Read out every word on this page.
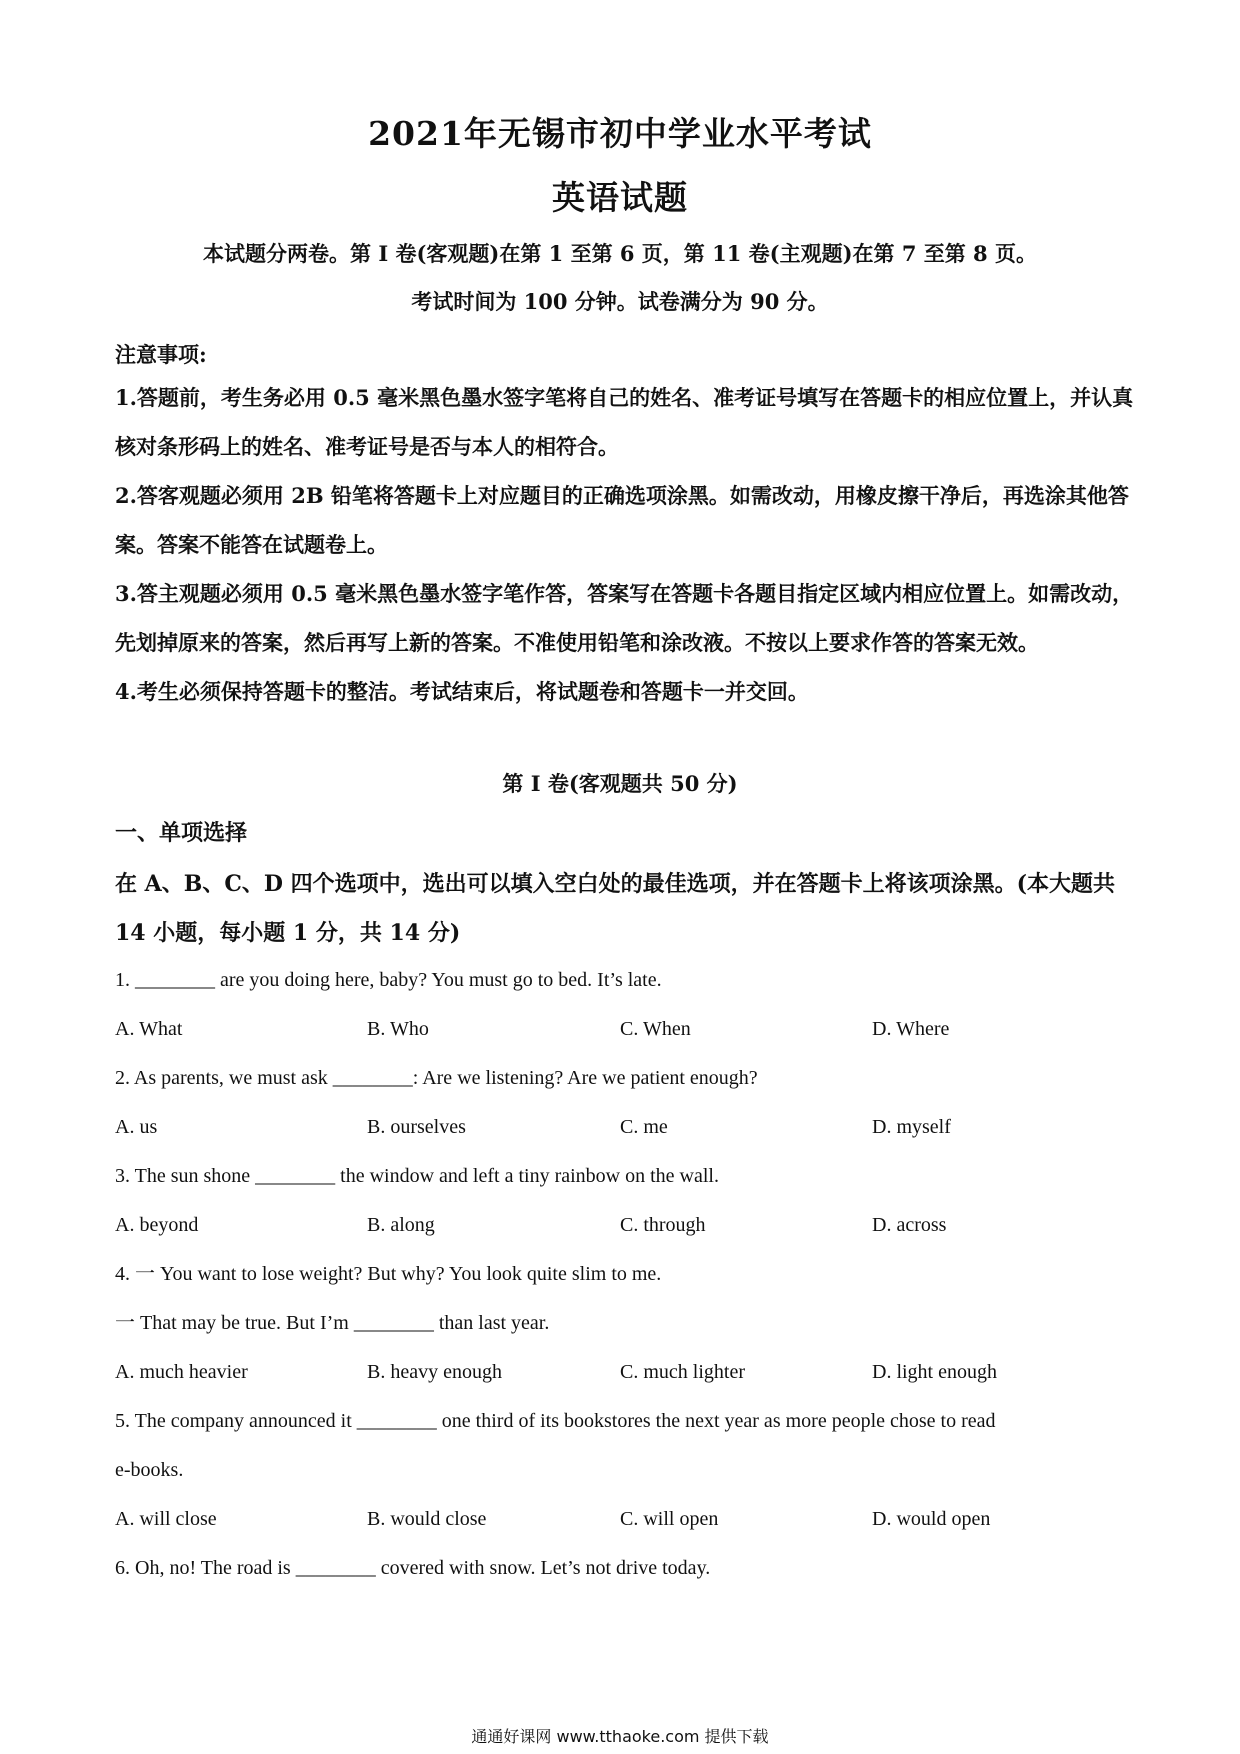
2021年无锡市初中学业水平考试
英语试题
本试题分两卷。第 I 卷(客观题)在第 1 至第 6 页，第 11 卷(主观题)在第 7 至第 8 页。
考试时间为 100 分钟。试卷满分为 90 分。
注意事项:

1.答题前，考生务必用 0.5 毫米黑色墨水签字笔将自己的姓名、准考证号填写在答题卡的相应位置上，并认真核对条形码上的姓名、准考证号是否与本人的相符合。

2.答客观题必须用 2B 铅笔将答题卡上对应题目的正确选项涂黑。如需改动，用橡皮擦干净后，再选涂其他答案。答案不能答在试题卷上。

3.答主观题必须用 0.5 毫米黑色墨水签字笔作答，答案写在答题卡各题目指定区域内相应位置上。如需改动，先划掉原来的答案，然后再写上新的答案。不准使用铅笔和涂改液。不按以上要求作答的答案无效。

4.考生必须保持答题卡的整洁。考试结束后，将试题卷和答题卡一并交回。

第 I 卷(客观题共 50 分)
一、单项选择
在 A、B、C、D 四个选项中，选出可以填入空白处的最佳选项，并在答题卡上将该项涂黑。(本大题共 14 小题，每小题 1 分，共 14 分)
1. ________ are you doing here, baby? You must go to bed. It’s late.
A. What	B. Who	C. When	D. Where
2. As parents, we must ask ________: Are we listening? Are we patient enough?
A. us	B. ourselves	C. me	D. myself
3. The sun shone ________ the window and left a tiny rainbow on the wall.
A. beyond	B. along	C. through	D. across
4. 一 You want to lose weight? But why? You look quite slim to me.
一 That may be true. But I’m ________ than last year.
A. much heavier	B. heavy enough	C. much lighter	D. light enough
5. The company announced it ________ one third of its bookstores the next year as more people chose to read
e-books.
A. will close	B. would close	C. will open	D. would open
6. Oh, no! The road is ________ covered with snow. Let’s not drive today.
通通好课网 www.tthaoke.com 提供下载
